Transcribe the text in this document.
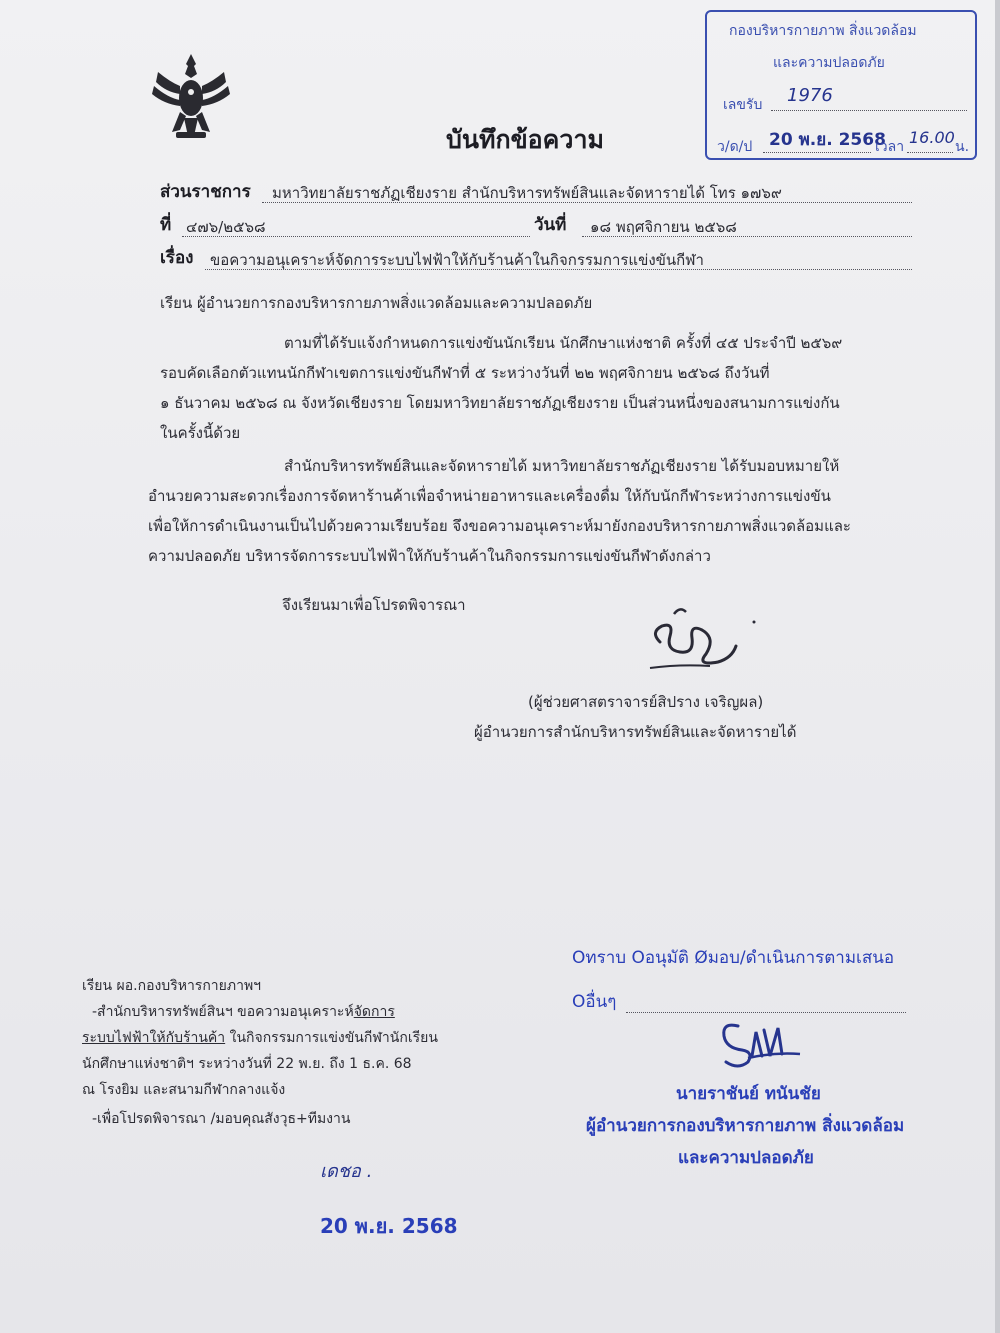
บันทึกข้อความ
กองบริหารกายภาพ สิ่งแวดล้อม
และความปลอดภัย
เลขรับ 1976
ว/ด/ป 20 พ.ย. 2568
เวลา 16.00 น.
ส่วนราชการ มหาวิทยาลัยราชภัฏเชียงราย สำนักบริหารทรัพย์สินและจัดหารายได้ โทร ๑๗๖๙
ที่ ๔๗๖/๒๕๖๘	วันที่ ๑๘ พฤศจิกายน ๒๕๖๘
เรื่อง ขอความอนุเคราะห์จัดการระบบไฟฟ้าให้กับร้านค้าในกิจกรรมการแข่งขันกีฬา
เรียน ผู้อำนวยการกองบริหารกายภาพสิ่งแวดล้อมและความปลอดภัย
ตามที่ได้รับแจ้งกำหนดการแข่งขันนักเรียน นักศึกษาแห่งชาติ ครั้งที่ ๔๕ ประจำปี ๒๕๖๙
รอบคัดเลือกตัวแทนนักกีฬาเขตการแข่งขันกีฬาที่ ๕ ระหว่างวันที่ ๒๒ พฤศจิกายน ๒๕๖๘ ถึงวันที่
๑ ธันวาคม ๒๕๖๘ ณ จังหวัดเชียงราย โดยมหาวิทยาลัยราชภัฏเชียงราย เป็นส่วนหนึ่งของสนามการแข่งกัน
ในครั้งนี้ด้วย
สำนักบริหารทรัพย์สินและจัดหารายได้ มหาวิทยาลัยราชภัฏเชียงราย ได้รับมอบหมายให้
อำนวยความสะดวกเรื่องการจัดหาร้านค้าเพื่อจำหน่ายอาหารและเครื่องดื่ม ให้กับนักกีฬาระหว่างการแข่งขัน
เพื่อให้การดำเนินงานเป็นไปด้วยความเรียบร้อย จึงขอความอนุเคราะห์มายังกองบริหารกายภาพสิ่งแวดล้อมและ
ความปลอดภัย บริหารจัดการระบบไฟฟ้าให้กับร้านค้าในกิจกรรมการแข่งขันกีฬาดังกล่าว
จึงเรียนมาเพื่อโปรดพิจารณา
(ผู้ช่วยศาสตราจารย์สิปราง เจริญผล)
ผู้อำนวยการสำนักบริหารทรัพย์สินและจัดหารายได้
เรียน ผอ.กองบริหารกายภาพฯ
-สำนักบริหารทรัพย์สินฯ ขอความอนุเคราะห์จัดการ
ระบบไฟฟ้าให้กับร้านค้า ในกิจกรรมการแข่งขันกีฬานักเรียน
นักศึกษาแห่งชาติฯ ระหว่างวันที่ 22 พ.ย. ถึง 1 ธ.ค. 68
ณ โรงยิม และสนามกีฬากลางแจ้ง
-เพื่อโปรดพิจารณา /มอบคุณสังวุธ+ทีมงาน
เดชอ .
20 พ.ย. 2568
Oทราบ Oอนุมัติ Øมอบ/ดำเนินการตามเสนอ
Oอื่นๆ
นายราชันย์ ทนันชัย
ผู้อำนวยการกองบริหารกายภาพ สิ่งแวดล้อม
และความปลอดภัย
